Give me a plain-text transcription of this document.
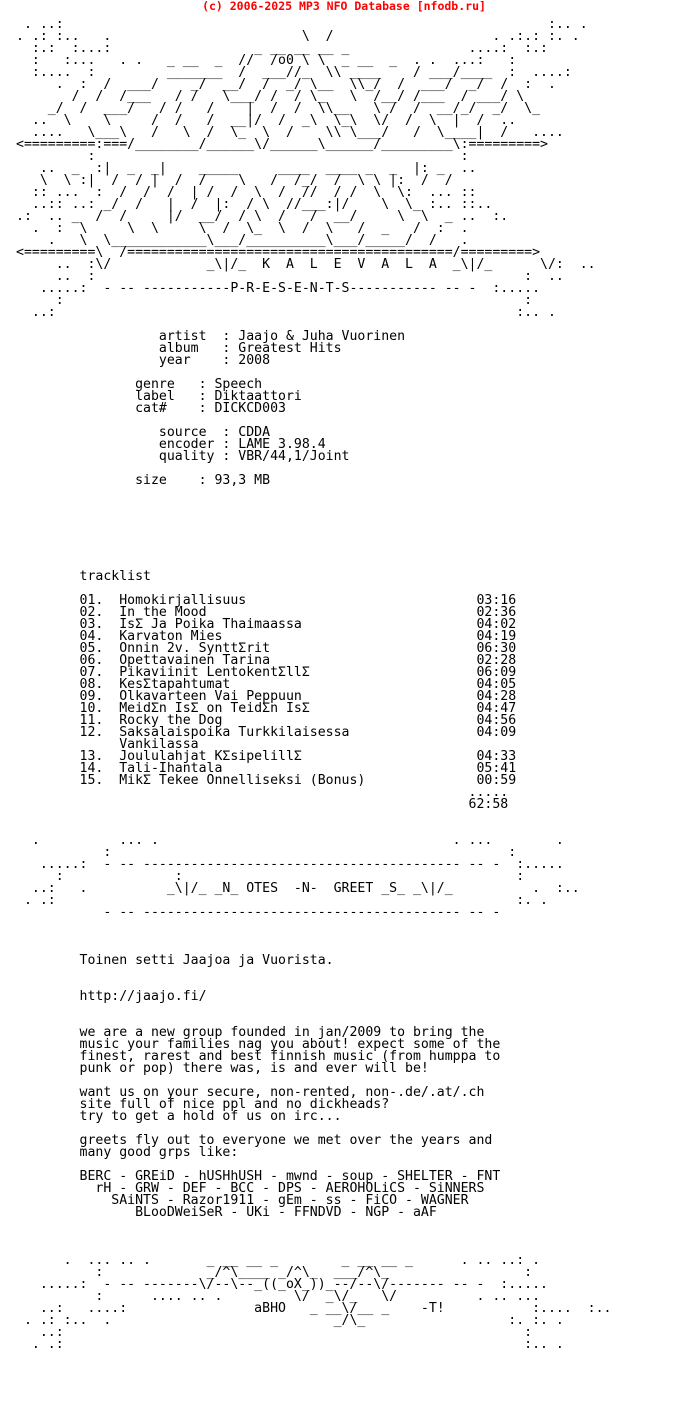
(c) 2006-2025 MP3 NFO Database [nfodb.ru]
. ..:                                                             :.. .
. .: :..   .                        \  /                    . .:.: :. .
:.:  :...:                  _ __ __ __ _               ....:  :.:
:   :...   . .   _ __  _  //  /o0 \ \  _ __  _  . .  ...:   :
:....  :         _______  /  ___//_  \\ ____    / ___/____  :  ....:
.  :  /  ___/    _/  __/  /  _/ \__  \\_/  /  ___/  _/  /  :  .
/  /  /___   / /   \___/ /  / \_   \  /__/ /___  / ___/ \
_/  /  ___/   / /   /    |  /  /  \\__   \ /  /  __/_/  _/  \_
..  \    \     /  /   /  __|/  /  _\  \_\  \/  /  \  |  /  ..
....   \___\   /   \  /  \_  \  /    \\ \___/   /  \____|  /   ....
<=========:===/________/______\/______\______/_________\:=========>
:                                              :
..  _  :|  _  _|    _____     ____  ____ _  _  |: _  ..
\  \ :|  /  / |  /  /    \   /  /_/  /  \ \ |:  /  /
:: ...  :  /  /  /  | /  /  \  /  //  / /  \  \:  ... ::
..:: ..: _/  /   |  /  |:  / \  //___:|/    \  \_ :.. ::..
.:  .. _  /  /     |/  __/  / \  /   /  __/     \  \  _ ..  :.
.  :  \     \  \     \  /  \_  \  /  \   /  _   /  :  .
.   \  \____________\___/__________\___/_____/  /   .
<=========\  /=========================================/=========>
..  :\/            _\|/_  K  A  L  E  V  A  L  A  _\|/_      \/:  ..
..  :                                                      :  ..
.....:  - -- -----------P-R-E-S-E-N-T-S----------- -- -  :.....
:                                                          :
..:                                                          :.. .

artist  : Jaajo & Juha Vuorinen
album   : Greatest Hits
year    : 2008

genre   : Speech
label   : Diktaattori
cat#    : DICKCD003

source  : CDDA
encoder : LAME 3.98.4
quality : VBR/44,1/Joint

size    : 93,3 MB

tracklist

01.  Homokirjallisuus                             03:16
02.  In the Mood                                  02:36
03.  IsΣ Ja Poika Thaimaassa                      04:02
04.  Karvaton Mies                                04:19
05.  Onnin 2v. SynttΣrit                          06:30
06.  Opettavainen Tarina                          02:28
07.  Pikaviinit LentokentΣllΣ                     06:09
08.  KesΣtapahtumat                               04:05
09.  Olkavarteen Vai Peppuun                      04:28
10.  MeidΣn IsΣ on TeidΣn IsΣ                     04:47
11.  Rocky the Dog                                04:56
12.  Saksalaispoika Turkkilaisessa                04:09
Vankilassa
13.  Joululahjat KΣsipelillΣ                      04:33
14.  Tali-Ihantala                                05:41
15.  MikΣ Tekee Onnelliseksi (Bonus)              00:59
.....
62:58

.          ... .                                     . ...        .
:                                                  :
.....:  - -- ---------------------------------------- -- -  :.....
:              :                                          :
..:   .          _\|/_ _N_ OTES  -N-  GREET _S_ _\|/_          .  :..
. .:                                                          :. .
- -- ---------------------------------------- -- -

Toinen setti Jaajoa ja Vuorista.

http://jaajo.fi/

we are a new group founded in jan/2009 to bring the
music your families nag you about! expect some of the
finest, rarest and best finnish music (from humppa to
punk or pop) there was, is and ever will be!

want us on your secure, non-rented, non-.de/.at/.ch
site full of nice ppl and no dickheads?
try to get a hold of us on irc...

greets fly out to everyone we met over the years and
many good grps like:

BERC - GREiD - hUSHhUSH - mwnd - soup - SHELTER - FNT
rH - GRW - DEF - BCC - DPS - AEROHOLiCS - SiNNERS
SAiNTS - Razor1911 - gEm - ss - FiCO - WAGNER
BLooDWeiSeR - UKi - FFNDVD - NGP - aAF

.  ... .. .       _ __ __ _        _ __ __ _      . .. ..: .
:             _/^\____ _/^\_  ___/^\_                 :
.....:  - -- -------\/--\--_((_oX_))_--/--\/------- -- -  :.....
:      .... .. .         \/  _\/_   \/          . .. ...
..:   ....:                aBHO   _ __\/__ _    -T!           :....  :..
. .: :..  .                            _/\_                  :. :. .
..:                                                          :
. .:                                                          :.. .
